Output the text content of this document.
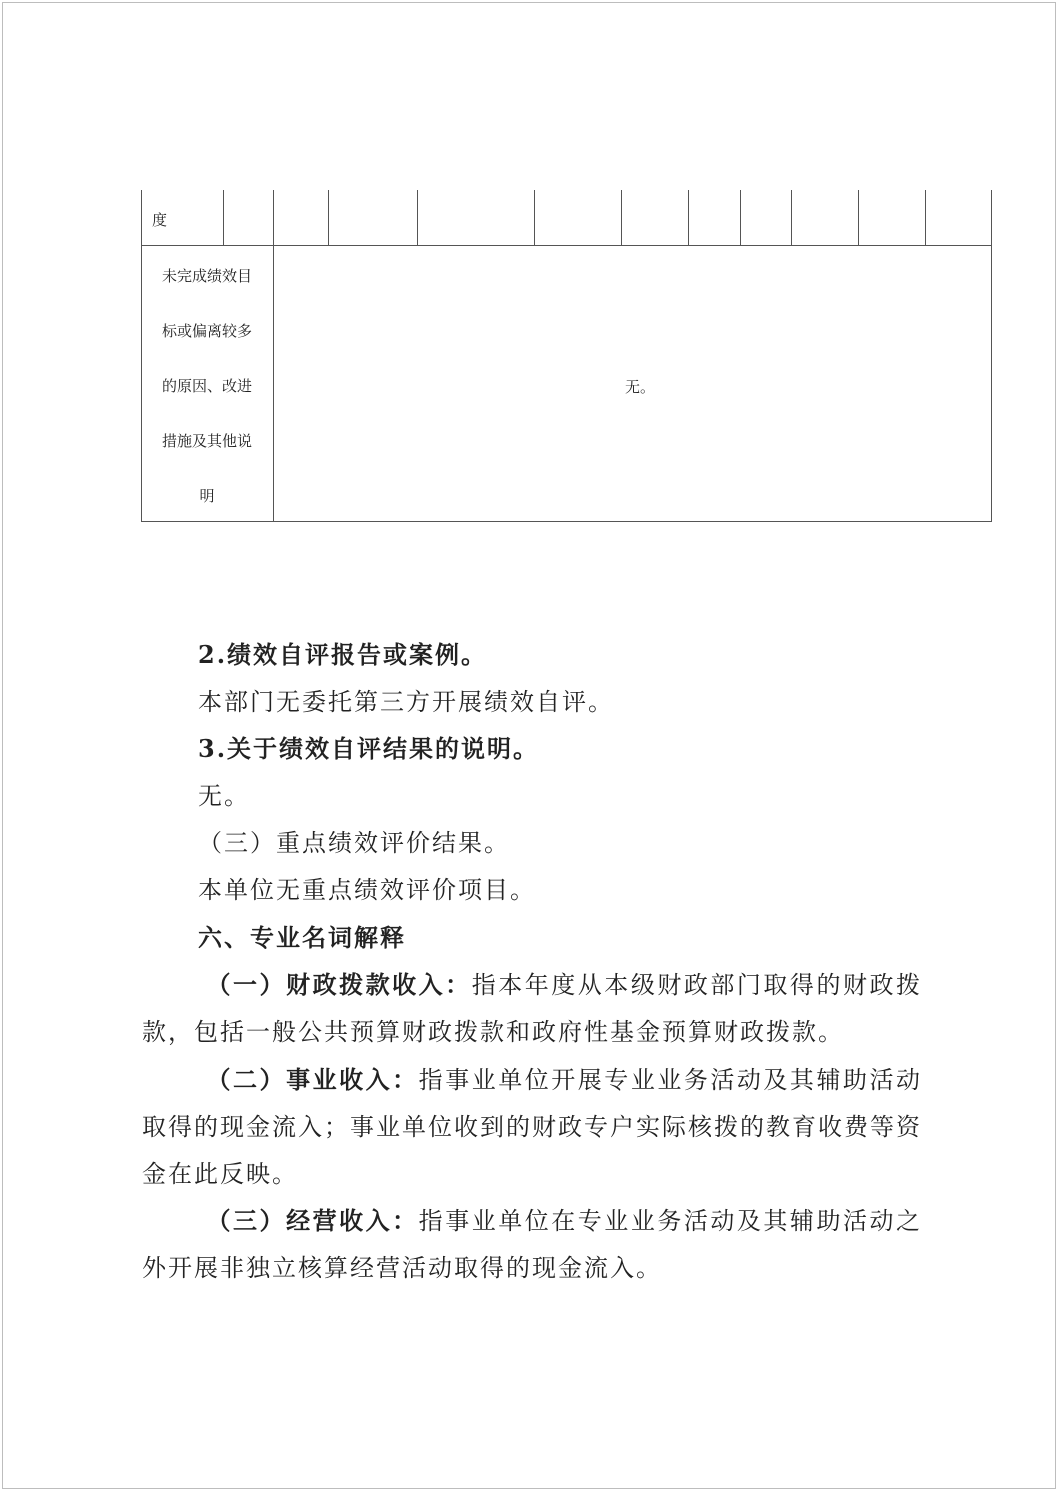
度
未完成绩效目
标或偏离较多
的原因、改进
措施及其他说
明
无。
2.绩效自评报告或案例。
本部门无委托第三方开展绩效自评。
3.关于绩效自评结果的说明。
无。
（三）重点绩效评价结果。
本单位无重点绩效评价项目。
六、专业名词解释
（一）财政拨款收入：指本年度从本级财政部门取得的财政拨款，包括一般公共预算财政拨款和政府性基金预算财政拨款。
（二）事业收入：指事业单位开展专业业务活动及其辅助活动取得的现金流入；事业单位收到的财政专户实际核拨的教育收费等资金在此反映。
（三）经营收入：指事业单位在专业业务活动及其辅助活动之外开展非独立核算经营活动取得的现金流入。
